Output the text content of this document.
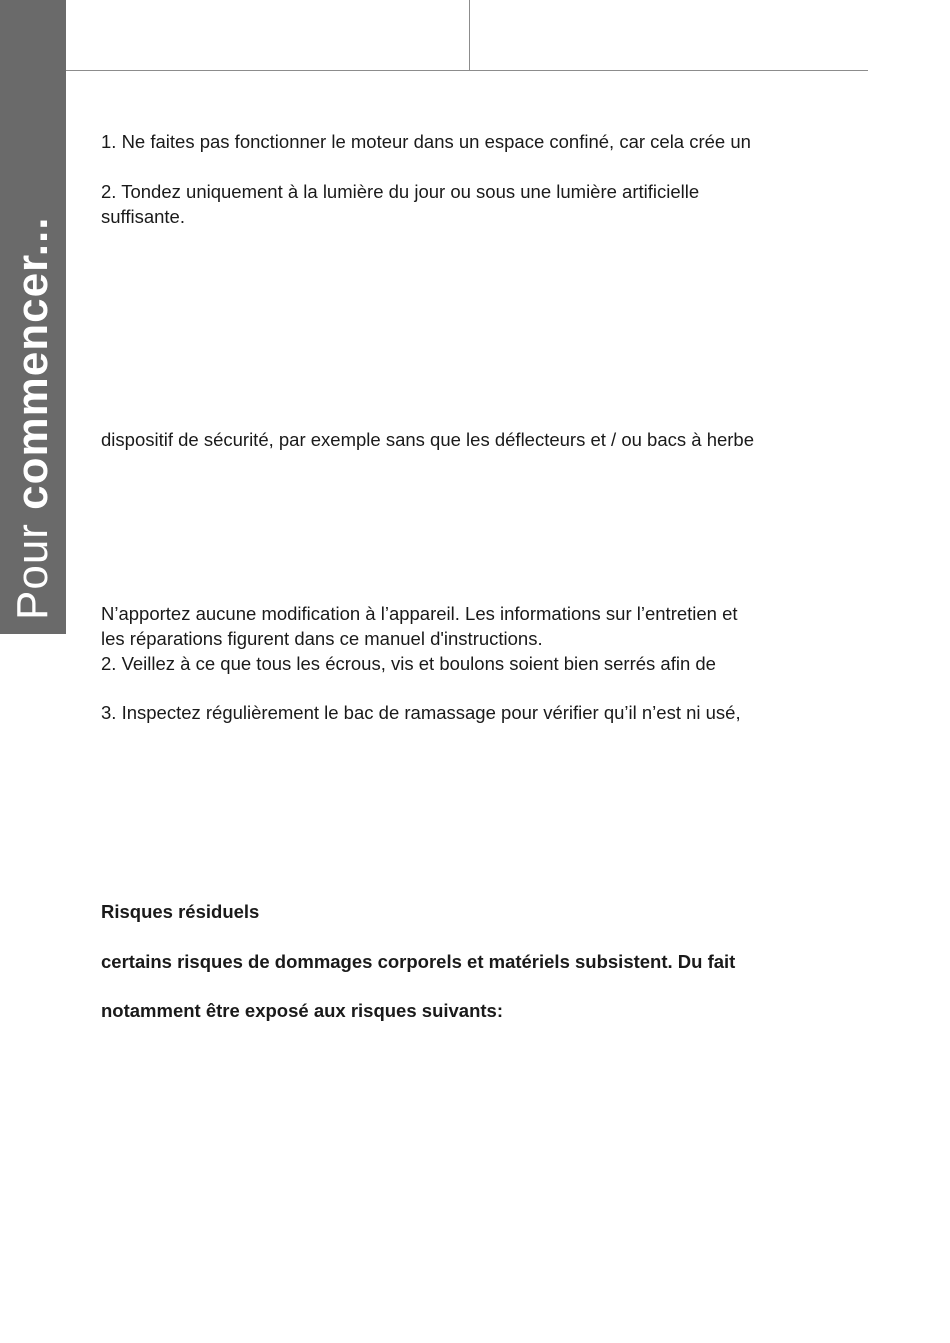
Pour commencer...

1. Ne faites pas fonctionner le moteur dans un espace confiné, car cela crée un

2. Tondez uniquement à la lumière du jour ou sous une lumière artificielle

suffisante.

dispositif de sécurité, par exemple sans que les déflecteurs et / ou bacs à herbe

N’apportez aucune modification à l’appareil. Les informations sur l’entretien et

les réparations figurent dans ce manuel d'instructions.

2. Veillez à ce que tous les écrous, vis et boulons soient bien serrés afin de

3. Inspectez régulièrement le bac de ramassage pour vérifier qu’il n’est ni usé,

Risques résiduels

certains risques de dommages corporels et matériels subsistent. Du fait

notamment être exposé aux risques suivants:
